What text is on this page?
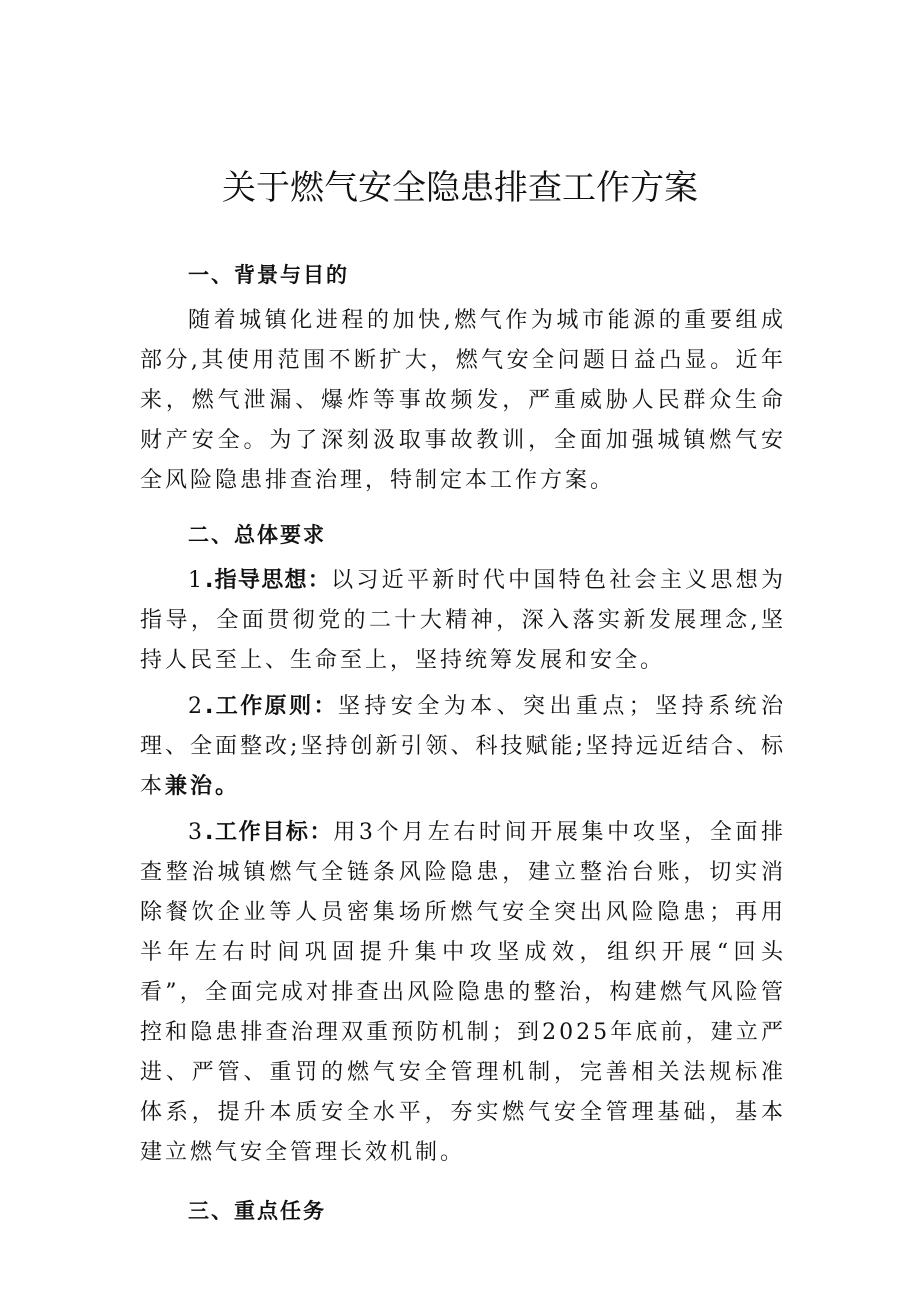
关于燃气安全隐患排查工作方案
一、背景与目的
随着城镇化进程的加快,燃气作为城市能源的重要组成部分,其使用范围不断扩大，燃气安全问题日益凸显。近年来，燃气泄漏、爆炸等事故频发，严重威胁人民群众生命财产安全。为了深刻汲取事故教训，全面加强城镇燃气安全风险隐患排查治理，特制定本工作方案。
二、总体要求
1.指导思想：以习近平新时代中国特色社会主义思想为指导，全面贯彻党的二十大精神，深入落实新发展理念,坚持人民至上、生命至上，坚持统筹发展和安全。
2.工作原则：坚持安全为本、突出重点；坚持系统治理、全面整改;坚持创新引领、科技赋能;坚持远近结合、标本兼治。
3.工作目标：用3个月左右时间开展集中攻坚，全面排查整治城镇燃气全链条风险隐患，建立整治台账，切实消除餐饮企业等人员密集场所燃气安全突出风险隐患；再用半年左右时间巩固提升集中攻坚成效，组织开展“回头看”，全面完成对排查出风险隐患的整治，构建燃气风险管控和隐患排查治理双重预防机制；到2025年底前，建立严进、严管、重罚的燃气安全管理机制，完善相关法规标准体系，提升本质安全水平，夯实燃气安全管理基础，基本建立燃气安全管理长效机制。
三、重点任务
